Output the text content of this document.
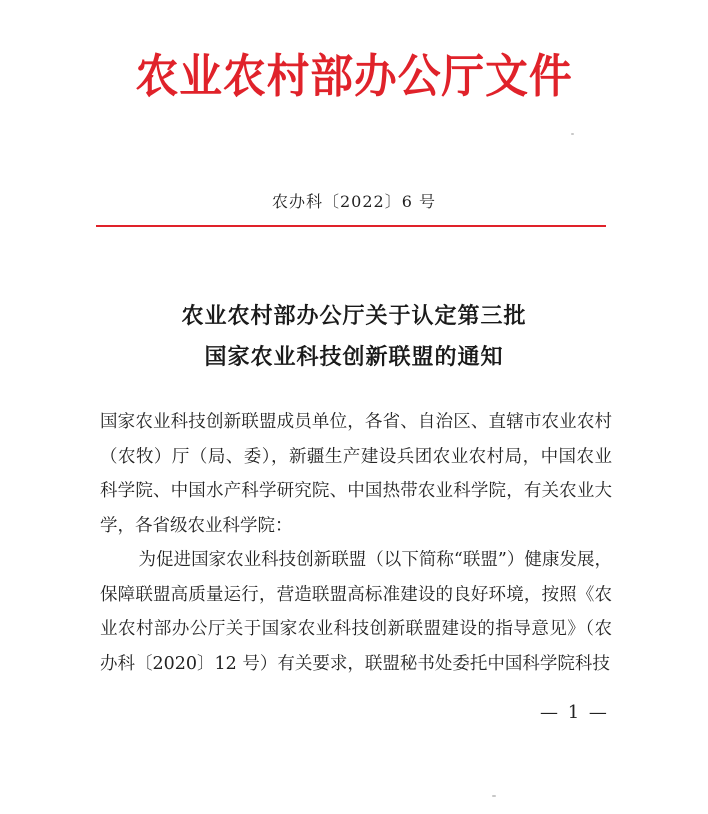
农业农村部办公厅文件
农办科〔2022〕6 号
农业农村部办公厅关于认定第三批
国家农业科技创新联盟的通知

国家农业科技创新联盟成员单位，各省、自治区、直辖市农业农村（农牧）厅（局、委），新疆生产建设兵团农业农村局，中国农业科学院、中国水产科学研究院、中国热带农业科学院，有关农业大学，各省级农业科学院：

为促进国家农业科技创新联盟（以下简称“联盟”）健康发展，保障联盟高质量运行，营造联盟高标准建设的良好环境，按照《农业农村部办公厅关于国家农业科技创新联盟建设的指导意见》（农办科〔2020〕12 号）有关要求，联盟秘书处委托中国科学院科技

— 1 —
